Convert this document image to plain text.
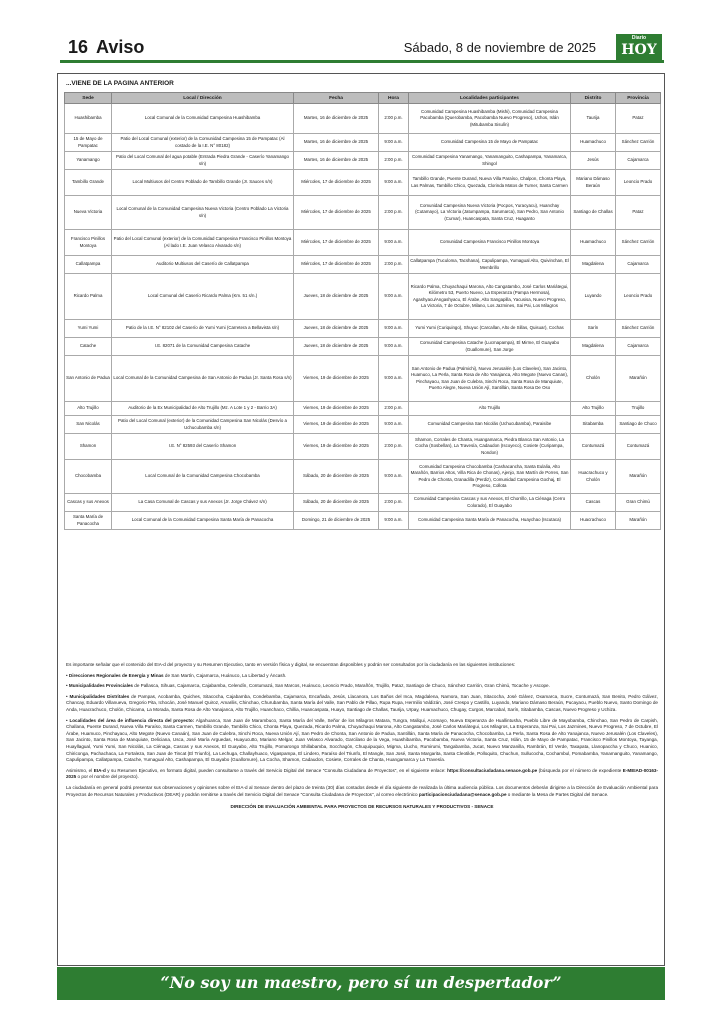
16 Aviso	Sábado, 8 de noviembre de 2025
Diario
HOY
...VIENE DE LA PAGINA ANTERIOR
Sede	Local / Dirección	Fecha	Hora	Localidades participantes	Distrito	Provincia
Huashibamba	Local Comunal de la Comunidad Campesina Huashibamba	Martes, 16 de diciembre de 2025	2:00 p.m.	Comunidad Campesina Huashibamba (Mishi), Comunidad Campesina Pacobamba (Querobamba, Pacobamba Nuevo Progreso), Uchos, Islán (Mitubamba Sisulín)	Taurija	Pataz
15 de Mayo de Pampatac	Patio del Local Comunal (exterior) de la Comunidad Campesina 15 de Pampatac (Al costado de la I.E. N° 80182)	Martes, 16 de diciembre de 2025	9:00 a.m.	Comunidad Campesina 15 de Mayo de Pampatac	Huamachuco	Sánchez Carrión
Yanamango	Patio del Local Comunal del agua potable (Entrada Piedra Grande - Caserío Yanamango s/n)	Martes, 16 de diciembre de 2025	2:00 p.m.	Comunidad Campesina Yanamango, Yanamanguito, Cashapampa, Yanamarca, Shingol	Jesús	Cajamarca
Tambillo Grande	Local Multiusos del Centro Poblado de Tambillo Grande (Jr. Sauces s/n)	Miércoles, 17 de diciembre de 2025	9:00 a.m.	Tambillo Grande, Puente Durand, Nueva Villa Paraíso, Chalpon, Chonta Playa, Las Palmas, Tambillo Chico, Quezada, Clorinda Matos de Turner, Santa Carmen	Mariano Dámaso Beraún	Leoncio Prado
Nueva Victoria	Local Comunal de la Comunidad Campesina Nueva Victoria (Centro Poblado La Victoria s/n)	Miércoles, 17 de diciembre de 2025	2:00 p.m.	Comunidad Campesina Nueva Victoria (Pocpos, Yuracyacu), Huanchay (Cutamayo), La Victoria (Jatumpampa, Sarumarca), San Pedro, San Antonio (Cumar), Huancaspata, Santa Cruz, Huaganto	Santiago de Challas	Pataz
Francisco Pinillos Montoya	Patio del Local Comunal (exterior) de la Comunidad Campesina Francisco Pinillos Montoya (Al lado I.E. Juan Velasco Alvarado s/n)	Miércoles, 17 de diciembre de 2025	9:00 a.m.	Comunidad Campesina Francisco Pinillos Montoya	Huamachuco	Sánchez Carrión
Callatpampa	Auditorio Multiusos del Caserío de Callatpampa	Miércoles, 17 de diciembre de 2025	2:00 p.m.	Callatpampa (Tuculoma, Tacshana), Capulipampa, Yumagual Alto, Quivinchan, El Membrillo	Magdalena	Cajamarca
Ricardo Palma	Local Comunal del Caserío Ricardo Palma (Km. 51 s/n.)	Jueves, 18 de diciembre de 2025	9:00 a.m.	Ricardo Palma, Chuyachaqui Marona, Alto Cangatambo, José Carlos Mariátegui, Kilómetro 53, Puerto Nuevo, La Esperanza (Pampa Hermosa), Agashyacu/Angashyacu, El Árabe, Alto Sangapilla, Yacusisa, Nuevo Progreso, La Victoria, 7 de Octubre, Milano, Los Jazmines, Sai Pai, Los Milagros	Luyando	Leoncio Prado
Yumi Yumi	Patio de la I.E. N° 82102 del Caserío de Yumi Yumi (Carretera a Bellavista s/n)	Jueves, 18 de diciembre de 2025	9:00 a.m.	Yumi Yumi (Curiquingo), Shuyuc (Carcallan, Alto de Sillas, Quisuar), Cochas	Sarín	Sánchez Carrión
Catache	I.E. 82071 de la Comunidad Campesina Catache	Jueves, 18 de diciembre de 2025	9:00 a.m.	Comunidad Campesina Catache (Lucmapampa), El Mirme, El Guayabo (Guallomure), San Jorge	Magdalena	Cajamarca
San Antonio de Padua	Local Comunal de la Comunidad Campesina de San Antonio de Padua (Jr. Santa Rosa s/n)	Viernes, 19 de diciembre de 2025	9:00 a.m.	San Antonio de Padua (Palmichi), Nuevo Jerusalén (Los Claveles), San Jacinto, Huamuco, La Perla, Santa Rosa de Alto Yanajanca, Alto Megote (Nuevo Canan), Pinchayacu, San Juan de Culebra, Sinchi Roca, Santa Rosa de Manquiute, Puerto Alegre, Nueva Unión Ají, Santillán, Santa Rosa De Oso	Cholón	Marañón
Alto Trujillo	Auditorio de la Ex Municipalidad de Alto Trujillo (Mz. A Lote 1 y 2 - Barrio 3A)	Viernes, 19 de diciembre de 2025	2:00 p.m.	Alto Trujillo	Alto Trujillo	Trujillo
San Nicolás	Patio del Local Comunal (exterior) de la Comunidad Campesina San Nicolás (Desvío a Uchucubamba s/n)	Viernes, 19 de diciembre de 2025	9:00 a.m.	Comunidad Campesina San Nicolás (Uchucubamba), Paraisibe	Sitabamba	Santiago de Chuco
Shamon	I.E. N° 82593 del Caserío Shamon	Viernes, 19 de diciembre de 2025	2:00 p.m.	Shamon, Corrales de Chanta, Huangamarca, Piedra Blanca San Antonio, La Cocha (Sosbellan), La Travesía, Cadaudon (Iscoyeco), Cosiete (Curipampa, Nondon)	Contumazá	Contumazá
Chocobamba	Local Comunal de la Comunidad Campesina Chocobamba	Sábado, 20 de diciembre de 2025	9:00 a.m.	Comunidad Campesina Chocobamba (Cashacancha, Santa Eulalia, Alto Marañón, Barrios Altos, Villa Rica de Chonas), Ajenjo, San Martín de Porres, San Pedro de Chonta, Granadilla (Perdiz), Comunidad Campesina Gochaj, El Progreso, Collota	Huacrachuco y Cholón	Marañón
Cascas y sus Anexos	La Casa Comunal de Cascas y sus Anexos (Jr. Jorge Chávez s/n)	Sábado, 20 de diciembre de 2025	2:00 p.m.	Comunidad Campesina Cascas y sus Anexos, El Chorrillo, La Ciénaga (Cerro Colorado), El Guayabo	Cascas	Gran Chimú
Santa María de Panacocha	Local Comunal de la Comunidad Campesina Santa María de Panacocha	Domingo, 21 de diciembre de 2025	9:00 a.m.	Comunidad Campesina Santa María de Panacocha, Huaychao (Iscutaca)	Huacrachuco	Marañón

Es importante señalar que el contenido del EIA-d del proyecto y su Resumen Ejecutivo, tanto en versión física y digital, se encuentran disponibles y podrán ser consultados por la ciudadanía en las siguientes instituciones:

• Direcciones Regionales de Energía y Minas de San Martín, Cajamarca, Huánuco, La Libertad y Áncash.

• Municipalidades Provinciales de Pallasca, Sihuas, Cajamarca, Cajabamba, Celendín, Contumazá, San Marcos, Huánuco, Leoncio Prado, Marañón, Trujillo, Pataz, Santiago de Chuco, Sánchez Carrión, Gran Chimú, Tocache y Ascope.

• Municipalidades Distritales de Pampas, Acobamba, Quiches, Sitacocha, Cajabamba, Condebamba, Cajamarca, Encañada, Jesús, Llacanora, Los Baños del Inca, Magdalena, Namora, San Juan, Sitacocha, José Gálvez, Oxamarca, Sucre, Contumazá, San Benito, Pedro Gálvez, Chancay, Eduardo Villanueva, Gregorio Pita, Ichocán, José Manuel Quiroz, Amarilis, Chinchao, Churubamba, Santa María del Valle, San Pablo de Pillao, Rupa Rupa, Hermilio Valdizán, José Crespo y Castillo, Luyando, Mariano Dámaso Beraún, Pucayacu, Pueblo Nuevo, Santo Domingo de Anda, Huacrachuco, Cholón, Chicama, La Morada, Santa Rosa de Alto Yanajanca, Alto Trujillo, Huanchaco, Chillia, Huancaspata, Huayo, Santiago de Challas, Taurija, Urpay, Huamachuco, Chugay, Curgos, Marcabal, Sarín, Sitabamba, Cascas, Nuevo Progreso y Uchiza.

• Localidades del área de influencia directa del proyecto: Algahuanca, San Juan de Marambuco, Santa María del Valle, Señor de los Milagros Matara, Tungra, Mallqui, Acomayo, Nueva Esperanza de Huallintusha, Pueblo Libre de Mayobamba, Chinchao, San Pedro de Carpish, Challana, Puente Durand, Nueva Villa Paraíso, Santa Carmen, Tambillo Grande, Tambillo Chico, Chonta Playa, Quezada, Ricardo Palma, Chuyachaqui Marona, Alto Cangatambo, José Carlos Mariátegui, Los Milagros, La Esperanza, Sai Pai, Los Jazmines, Nuevo Progreso, 7 de Octubre, El Árabe, Huamuco, Pinchayacu, Alto Megote (Nuevo Canaán), San Juan de Culebra, Sinchi Roca, Nueva Unión Ají, San Pedro de Chonta, San Antonio de Padua, Santillán, Santa María de Panacocha, Chocobamba, La Perla, Santa Rosa de Alto Yanajanca, Nuevo Jerusalén (Los Claveles), San Jacinto, Santa Rosa de Manquiute, Deliciana, Usca, José María Arguedas, Huayucutto, Mariano Melgar, Juan Velasco Alvarado, Garcilaso de la Vega, Huashibamba, Pacobamba, Nueva Victoria, Santa Cruz, Islán, 15 de Mayo de Pampatac, Francisco Pinillos Montoya, Tayanga, Huayllagual, Yumi Yumi, San Nicolás, La Ciénaga, Cascas y sus Anexos, El Guayabo, Alto Trujillo, Pomarongo Shillabamba, Socchagón, Chuquipuquio, Migma, Llucho, Rumirumi, Tangabamba, Jucat, Nuevo Manzanilla, Rambrán, El Verde, Taxapata, Llanopaccha y Chuco, Huanico, Chiriconga, Pachachaca, La Fortaleza, San Juan de Tincat (El Triunfo), La Lechuga, Challayhuaco, Vigaspampa, El Lindero, Paraíso del Triunfo, El Mangle, San José, Santa Margarita, Santa Cleotilde, Polloquito, Chuchun, Sullucocha, Cochambul, Pomabamba, Yanamanguito, Yanamango, Capulipampa, Callatpampa, Catache, Yumagual Alto, Cashapampa, El Guayabo (Guallomure), La Cocha, Shamon, Cadaudon, Cosiete, Corrales de Chanta, Huangamarca y La Travesía.

Asimismo, el EIA-d y su Resumen Ejecutivo, en formato digital, pueden consultarse a través del Servicio Digital del Senace "Consulta Ciudadana de Proyectos", en el siguiente enlace: https://consultaciudadana.senace.gob.pe (búsqueda por el número de expediente E-MEIAD-00163-2025 o por el nombre del proyecto).

La ciudadanía en general podrá presentar sus observaciones y opiniones sobre el EIA-d al Senace dentro del plazo de treinta (30) días contados desde el día siguiente de realizada la última audiencia pública. Los documentos deberán dirigirse a la Dirección de Evaluación Ambiental para Proyectos de Recursos Naturales y Productivos (DEAR) y podrán remitirse a través del Servicio Digital del Senace "Consulta Ciudadana de Proyectos", al correo electrónico participacionciudadana@senace.gob.pe o mediante la Mesa de Partes Digital del Senace.

DIRECCIÓN DE EVALUACIÓN AMBIENTAL PARA PROYECTOS DE RECURSOS NATURALES Y PRODUCTIVOS - SENACE

“No soy un maestro, pero sí un despertador”
